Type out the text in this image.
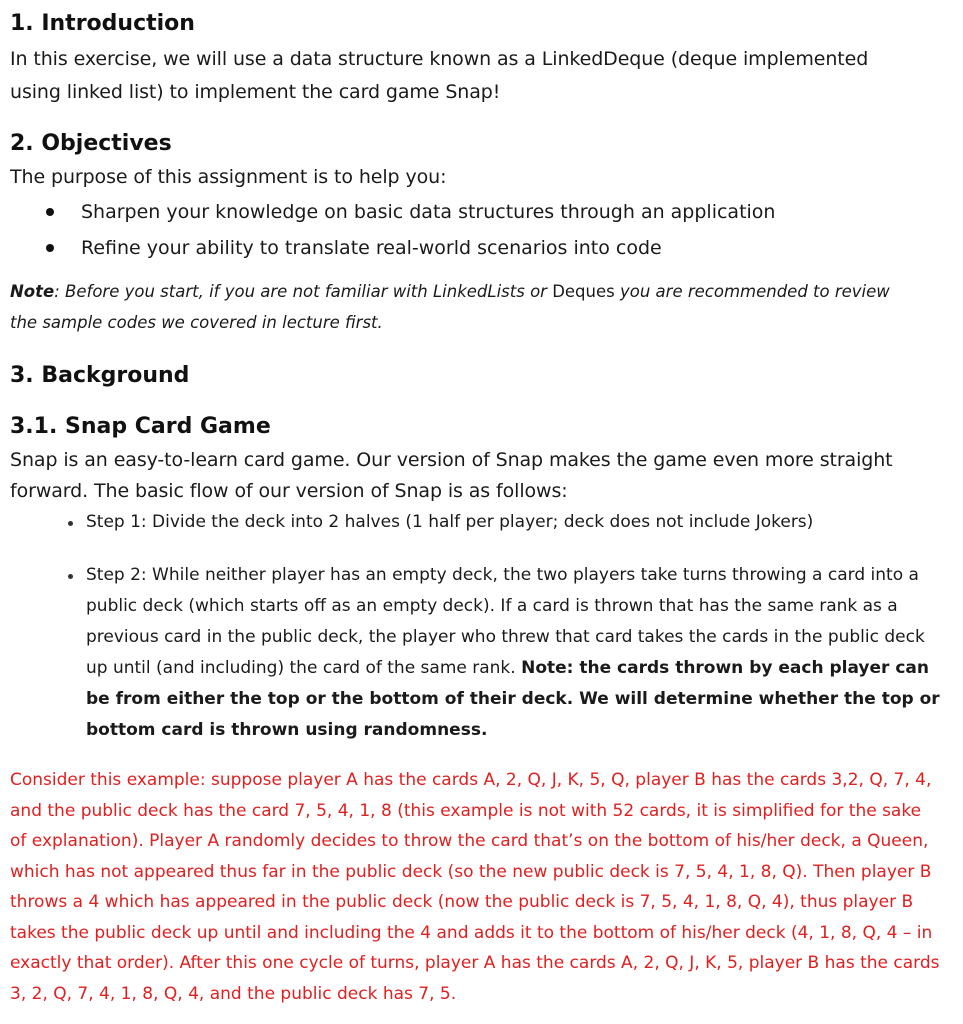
1. Introduction

In this exercise, we will use a data structure known as a LinkedDeque (deque implemented using linked list) to implement the card game Snap!

2. Objectives

The purpose of this assignment is to help you:

Sharpen your knowledge on basic data structures through an application
Refine your ability to translate real-world scenarios into code

Note: Before you start, if you are not familiar with LinkedLists or Deques you are recommended to review the sample codes we covered in lecture first.

3. Background
3.1. Snap Card Game

Snap is an easy-to-learn card game. Our version of Snap makes the game even more straight forward. The basic flow of our version of Snap is as follows:

Step 1: Divide the deck into 2 halves (1 half per player; deck does not include Jokers)
Step 2: While neither player has an empty deck, the two players take turns throwing a card into a public deck (which starts off as an empty deck). If a card is thrown that has the same rank as a previous card in the public deck, the player who threw that card takes the cards in the public deck up until (and including) the card of the same rank. Note: the cards thrown by each player can be from either the top or the bottom of their deck. We will determine whether the top or bottom card is thrown using randomness.

Consider this example: suppose player A has the cards A, 2, Q, J, K, 5, Q, player B has the cards 3,2, Q, 7, 4, and the public deck has the card 7, 5, 4, 1, 8 (this example is not with 52 cards, it is simplified for the sake of explanation). Player A randomly decides to throw the card that’s on the bottom of his/her deck, a Queen, which has not appeared thus far in the public deck (so the new public deck is 7, 5, 4, 1, 8, Q). Then player B throws a 4 which has appeared in the public deck (now the public deck is 7, 5, 4, 1, 8, Q, 4), thus player B takes the public deck up until and including the 4 and adds it to the bottom of his/her deck (4, 1, 8, Q, 4 – in exactly that order). After this one cycle of turns, player A has the cards A, 2, Q, J, K, 5, player B has the cards 3, 2, Q, 7, 4, 1, 8, Q, 4, and the public deck has 7, 5.
